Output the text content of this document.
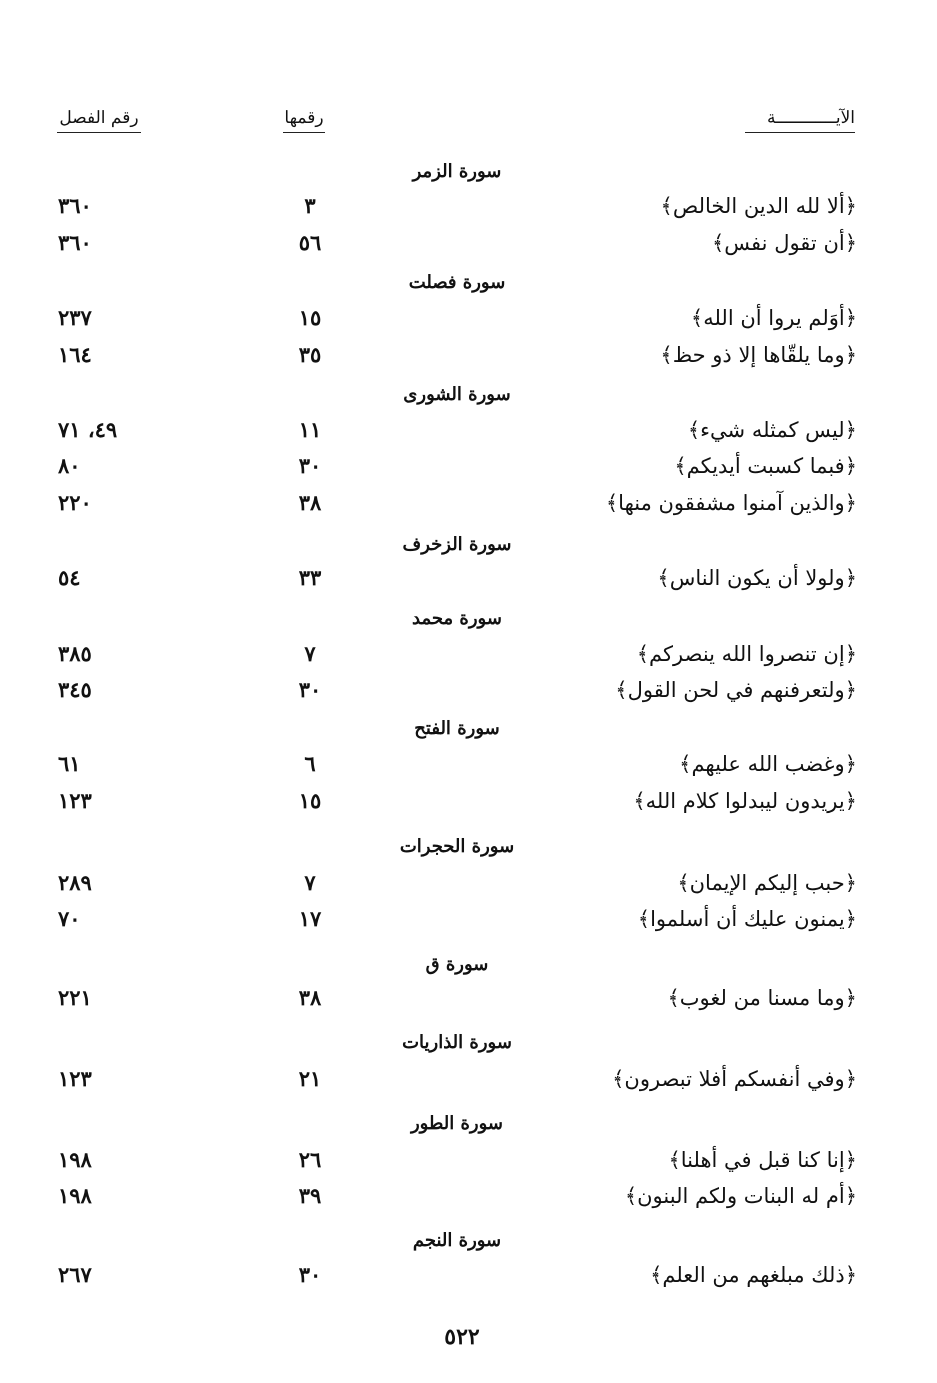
الآيــــــــــــة
رقمها
رقم الفصل
سورة الزمر
﴿ألا لله الدين الخالص﴾
٣
٣٦٠
﴿أن تقول نفس﴾
٥٦
٣٦٠
سورة فصلت
﴿أوَلم يروا أن الله﴾
١٥
٢٣٧
﴿وما يلقّاها إلا ذو حظ﴾
٣٥
١٦٤
سورة الشورى
﴿ليس كمثله شيء﴾
١١
٤٩، ٧١
﴿فبما كسبت أيديكم﴾
٣٠
٨٠
﴿والذين آمنوا مشفقون منها﴾
٣٨
٢٢٠
سورة الزخرف
﴿ولولا أن يكون الناس﴾
٣٣
٥٤
سورة محمد
﴿إن تنصروا الله ينصركم﴾
٧
٣٨٥
﴿ولتعرفنهم في لحن القول﴾
٣٠
٣٤٥
سورة الفتح
﴿وغضب الله عليهم﴾
٦
٦١
﴿يريدون ليبدلوا كلام الله﴾
١٥
١٢٣
سورة الحجرات
﴿حبب إليكم الإيمان﴾
٧
٢٨٩
﴿يمنون عليك أن أسلموا﴾
١٧
٧٠
سورة ق
﴿وما مسنا من لغوب﴾
٣٨
٢٢١
سورة الذاريات
﴿وفي أنفسكم أفلا تبصرون﴾
٢١
١٢٣
سورة الطور
﴿إنا كنا قبل في أهلنا﴾
٢٦
١٩٨
﴿أم له البنات ولكم البنون﴾
٣٩
١٩٨
سورة النجم
﴿ذلك مبلغهم من العلم﴾
٣٠
٢٦٧
٥٢٢
